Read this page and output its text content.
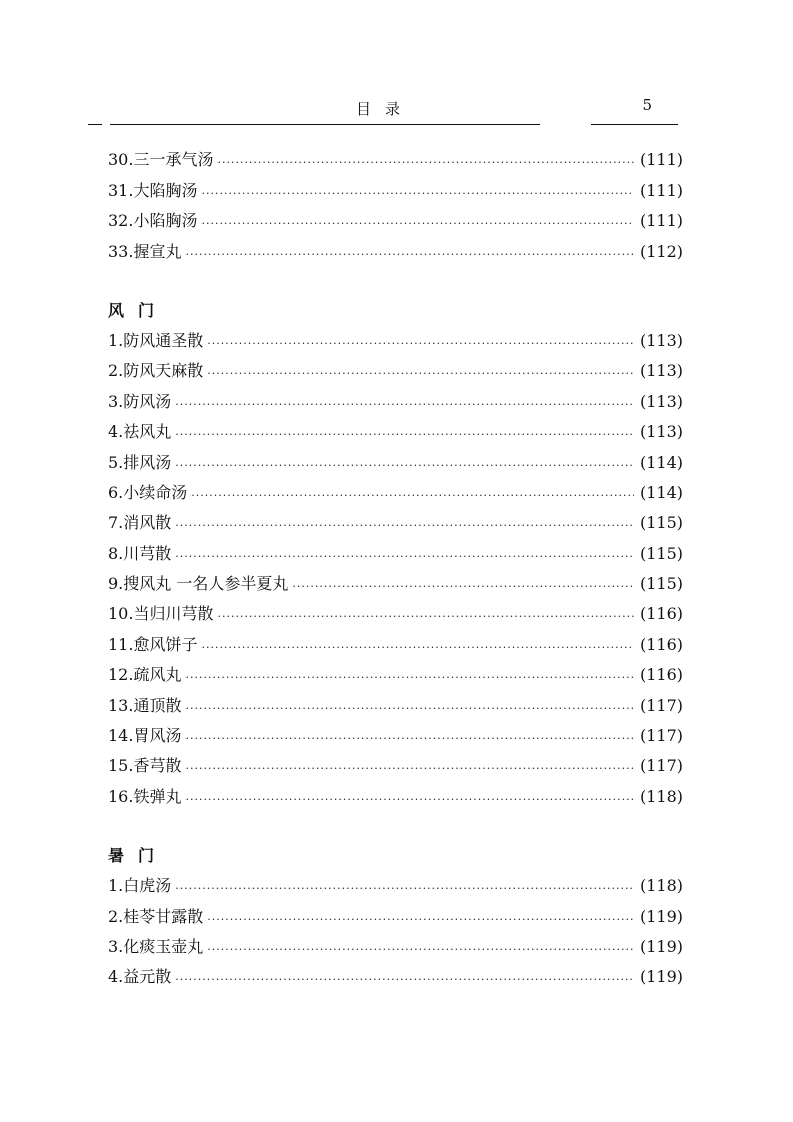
目录	5
30.三一承气汤 ·····	(111)
31.大陷胸汤 ·····	(111)
32.小陷胸汤 ·····	(111)
33.握宣丸 ·····	(112)
风门
1.防风通圣散 ·····	(113)
2.防风天麻散 ·····	(113)
3.防风汤 ·····	(113)
4.祛风丸 ·····	(113)
5.排风汤 ·····	(114)
6.小续命汤 ·····	(114)
7.消风散 ·····	(115)
8.川芎散 ·····	(115)
9.搜风丸 一名人参半夏丸 ·····	(115)
10.当归川芎散 ·····	(116)
11.愈风饼子 ·····	(116)
12.疏风丸 ·····	(116)
13.通顶散 ·····	(117)
14.胃风汤 ·····	(117)
15.香芎散 ·····	(117)
16.铁弹丸 ·····	(118)
暑门
1.白虎汤 ·····	(118)
2.桂苓甘露散 ·····	(119)
3.化痰玉壶丸 ·····	(119)
4.益元散 ·····	(119)
